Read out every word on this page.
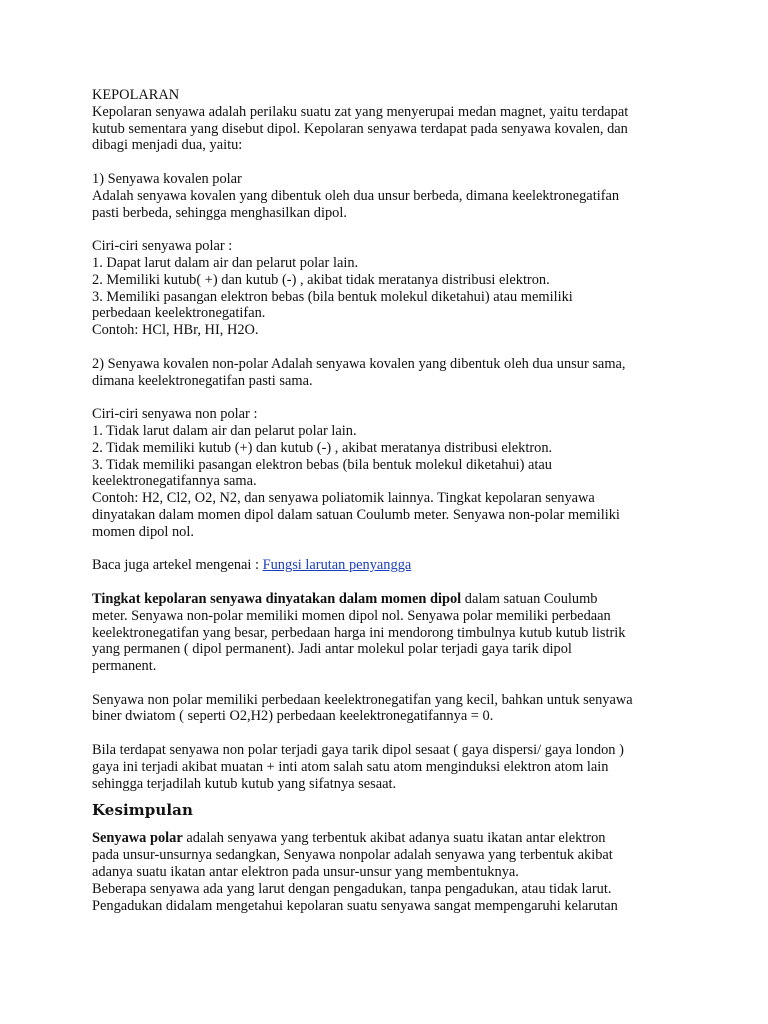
KEPOLARAN
Kepolaran senyawa adalah perilaku suatu zat yang menyerupai medan magnet, yaitu terdapat
kutub sementara yang disebut dipol. Kepolaran senyawa terdapat pada senyawa kovalen, dan
dibagi menjadi dua, yaitu:
1) Senyawa kovalen polar
Adalah senyawa kovalen yang dibentuk oleh dua unsur berbeda, dimana keelektronegatifan
pasti berbeda, sehingga menghasilkan dipol.
Ciri-ciri senyawa polar :
1. Dapat larut dalam air dan pelarut polar lain.
2. Memiliki kutub( +) dan kutub (-) , akibat tidak meratanya distribusi elektron.
3. Memiliki pasangan elektron bebas (bila bentuk molekul diketahui) atau memiliki
perbedaan keelektronegatifan.
Contoh: HCl, HBr, HI, H2O.
2) Senyawa kovalen non-polar Adalah senyawa kovalen yang dibentuk oleh dua unsur sama,
dimana keelektronegatifan pasti sama.
Ciri-ciri senyawa non polar :
1. Tidak larut dalam air dan pelarut polar lain.
2. Tidak memiliki kutub (+) dan kutub (-) , akibat meratanya distribusi elektron.
3. Tidak memiliki pasangan elektron bebas (bila bentuk molekul diketahui) atau
keelektronegatifannya sama.
Contoh: H2, Cl2, O2, N2, dan senyawa poliatomik lainnya. Tingkat kepolaran senyawa
dinyatakan dalam momen dipol dalam satuan Coulumb meter. Senyawa non-polar memiliki
momen dipol nol.
Baca juga artekel mengenai : Fungsi larutan penyangga
Tingkat kepolaran senyawa dinyatakan dalam momen dipol dalam satuan Coulumb
meter. Senyawa non-polar memiliki momen dipol nol. Senyawa polar memiliki perbedaan
keelektronegatifan yang besar, perbedaan harga ini mendorong timbulnya kutub kutub listrik
yang permanen ( dipol permanent). Jadi antar molekul polar terjadi gaya tarik dipol
permanent.
Senyawa non polar memiliki perbedaan keelektronegatifan yang kecil, bahkan untuk senyawa
biner dwiatom ( seperti O2,H2) perbedaan keelektronegatifannya = 0.
Bila terdapat senyawa non polar terjadi gaya tarik dipol sesaat ( gaya dispersi/ gaya london )
gaya ini terjadi akibat muatan + inti atom salah satu atom menginduksi elektron atom lain
sehingga terjadilah kutub kutub yang sifatnya sesaat.
Kesimpulan
Senyawa polar adalah senyawa yang terbentuk akibat adanya suatu ikatan antar elektron
pada unsur-unsurnya sedangkan, Senyawa nonpolar adalah senyawa yang terbentuk akibat
adanya suatu ikatan antar elektron pada unsur-unsur yang membentuknya.
Beberapa senyawa ada yang larut dengan pengadukan, tanpa pengadukan, atau tidak larut.
Pengadukan didalam mengetahui kepolaran suatu senyawa sangat mempengaruhi kelarutan
